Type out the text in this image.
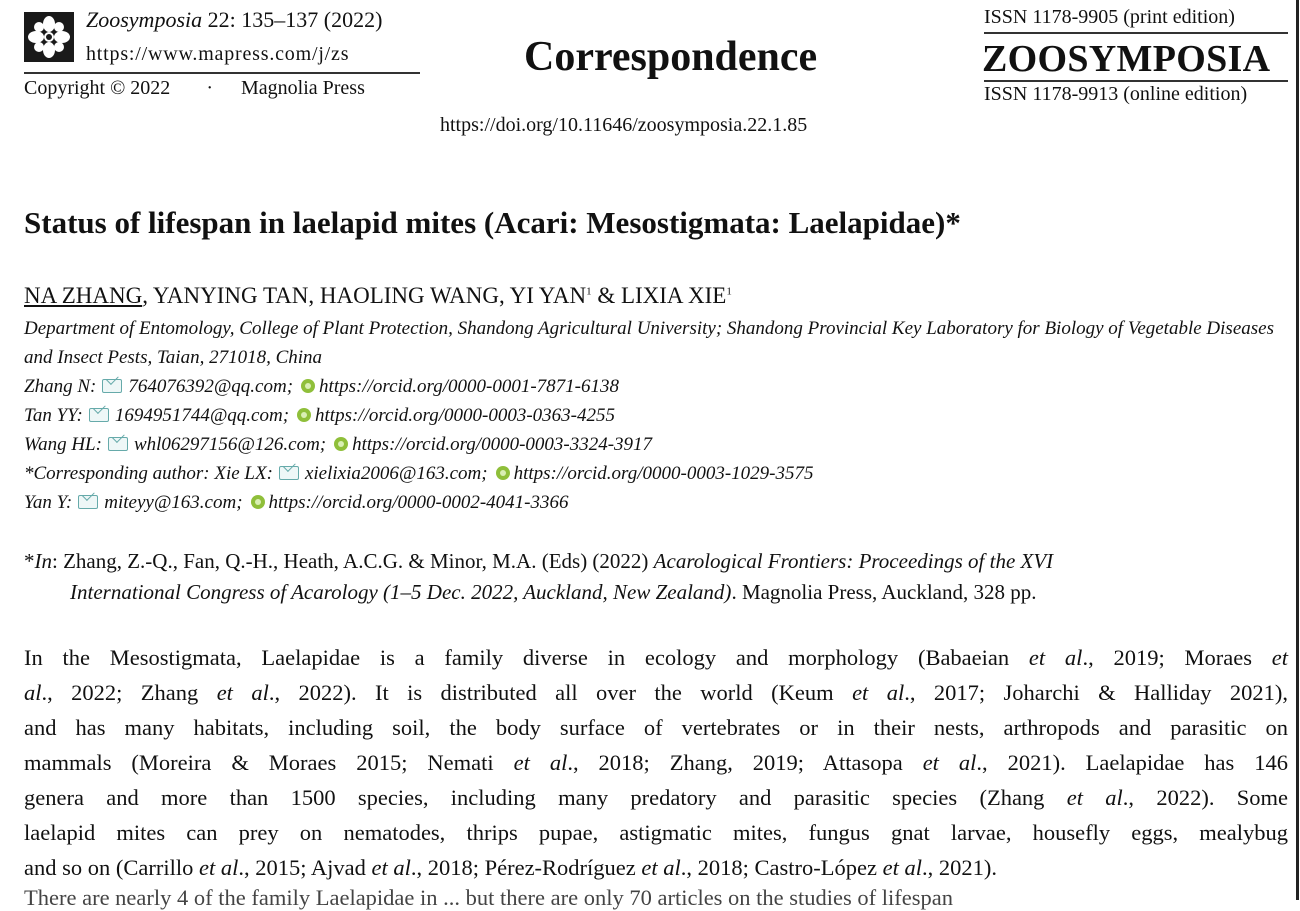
Zoosymposia 22: 135–137 (2022)
https://www.mapress.com/j/zs
Copyright © 2022 · Magnolia Press
Correspondence
ISSN 1178-9905 (print edition)
ZOOSYMPOSIA
ISSN 1178-9913 (online edition)
https://doi.org/10.11646/zoosymposia.22.1.85
Status of lifespan in laelapid mites (Acari: Mesostigmata: Laelapidae)*
NA ZHANG, YANYING TAN, HAOLING WANG, YI YAN$^1$ & LIXIA XIE$^1$
Department of Entomology, College of Plant Protection, Shandong Agricultural University; Shandong Provincial Key Laboratory for Biology of Vegetable Diseases and Insect Pests, Taian, 271018, China
Zhang N: 764076392@qq.com; https://orcid.org/0000-0001-7871-6138
Tan YY: 1694951744@qq.com; https://orcid.org/0000-0003-0363-4255
Wang HL: whl06297156@126.com; https://orcid.org/0000-0003-3324-3917
*Corresponding author: Xie LX: xielixia2006@163.com; https://orcid.org/0000-0003-1029-3575
Yan Y: miteyy@163.com; https://orcid.org/0000-0002-4041-3366
*In: Zhang, Z.-Q., Fan, Q.-H., Heath, A.C.G. & Minor, M.A. (Eds) (2022) Acarological Frontiers: Proceedings of the XVI
International Congress of Acarology (1–5 Dec. 2022, Auckland, New Zealand). Magnolia Press, Auckland, 328 pp.
In the Mesostigmata, Laelapidae is a family diverse in ecology and morphology (Babaeian et al., 2019; Moraes et
al., 2022; Zhang et al., 2022). It is distributed all over the world (Keum et al., 2017; Joharchi & Halliday 2021),
and has many habitats, including soil, the body surface of vertebrates or in their nests, arthropods and parasitic on
mammals (Moreira & Moraes 2015; Nemati et al., 2018; Zhang, 2019; Attasopa et al., 2021). Laelapidae has 146
genera and more than 1500 species, including many predatory and parasitic species (Zhang et al., 2022). Some
laelapid mites can prey on nematodes, thrips pupae, astigmatic mites, fungus gnat larvae, housefly eggs, mealybug
and so on (Carrillo et al., 2015; Ajvad et al., 2018; Pérez-Rodríguez et al., 2018; Castro-López et al., 2021).
There are nearly 4 of the family Laelapidae in ... but there are only 70 articles on the studies of lifespan
